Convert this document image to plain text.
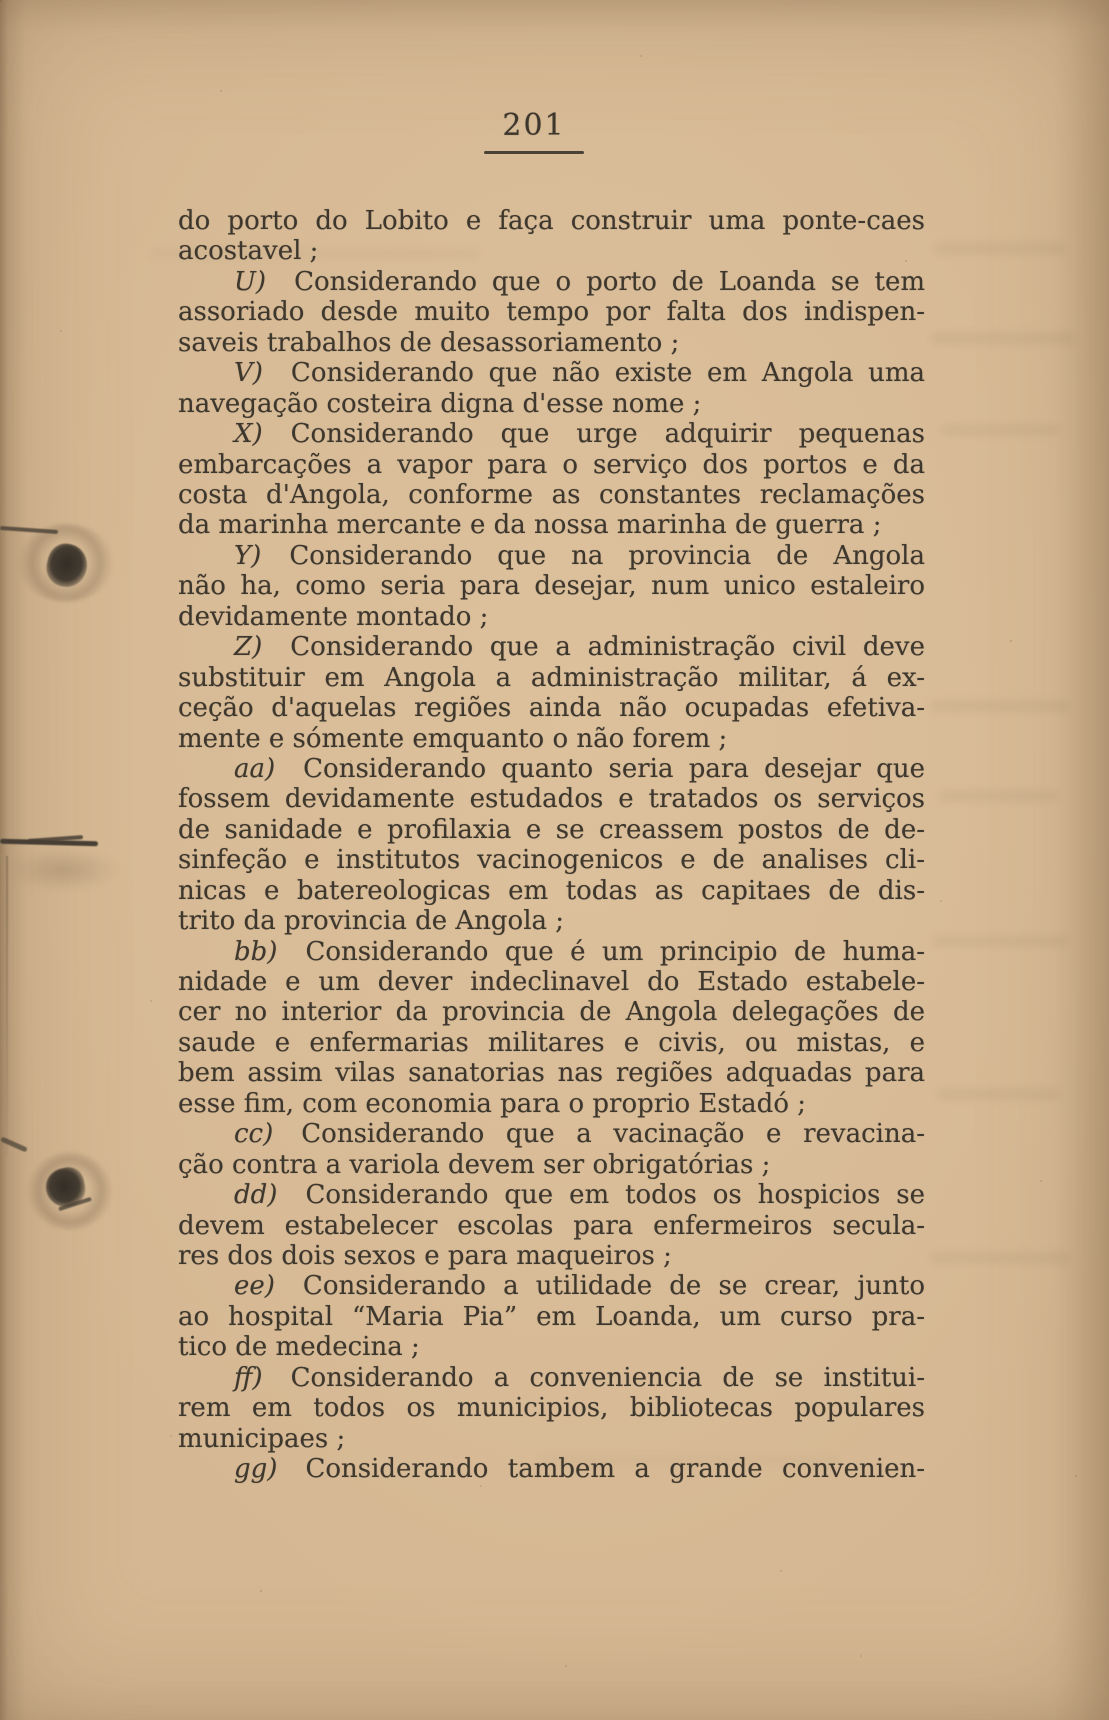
201
do porto do Lobito e faça construir uma ponte-caes
acostavel ;
U) Considerando que o porto de Loanda se tem
assoriado desde muito tempo por falta dos indispen-
saveis trabalhos de desassoriamento ;
V) Considerando que não existe em Angola uma
navegação costeira digna d'esse nome ;
X) Considerando que urge adquirir pequenas
embarcações a vapor para o serviço dos portos e da
costa d'Angola, conforme as constantes reclamações
da marinha mercante e da nossa marinha de guerra ;
Y) Considerando que na provincia de Angola
não ha, como seria para desejar, num unico estaleiro
devidamente montado ;
Z) Considerando que a administração civil deve
substituir em Angola a administração militar, á ex-
ceção d'aquelas regiões ainda não ocupadas efetiva-
mente e sómente emquanto o não forem ;
aa) Considerando quanto seria para desejar que
fossem devidamente estudados e tratados os serviços
de sanidade e profilaxia e se creassem postos de de-
sinfeção e institutos vacinogenicos e de analises cli-
nicas e batereologicas em todas as capitaes de dis-
trito da provincia de Angola ;
bb) Considerando que é um principio de huma-
nidade e um dever indeclinavel do Estado estabele-
cer no interior da provincia de Angola delegações de
saude e enfermarias militares e civis, ou mistas, e
bem assim vilas sanatorias nas regiões adquadas para
esse fim, com economia para o proprio Estadó ;
cc) Considerando que a vacinação e revacina-
ção contra a variola devem ser obrigatórias ;
dd) Considerando que em todos os hospicios se
devem estabelecer escolas para enfermeiros secula-
res dos dois sexos e para maqueiros ;
ee) Considerando a utilidade de se crear, junto
ao hospital “Maria Pia” em Loanda, um curso pra-
tico de medecina ;
ff) Considerando a conveniencia de se institui-
rem em todos os municipios, bibliotecas populares
municipaes ;
gg) Considerando tambem a grande convenien-
